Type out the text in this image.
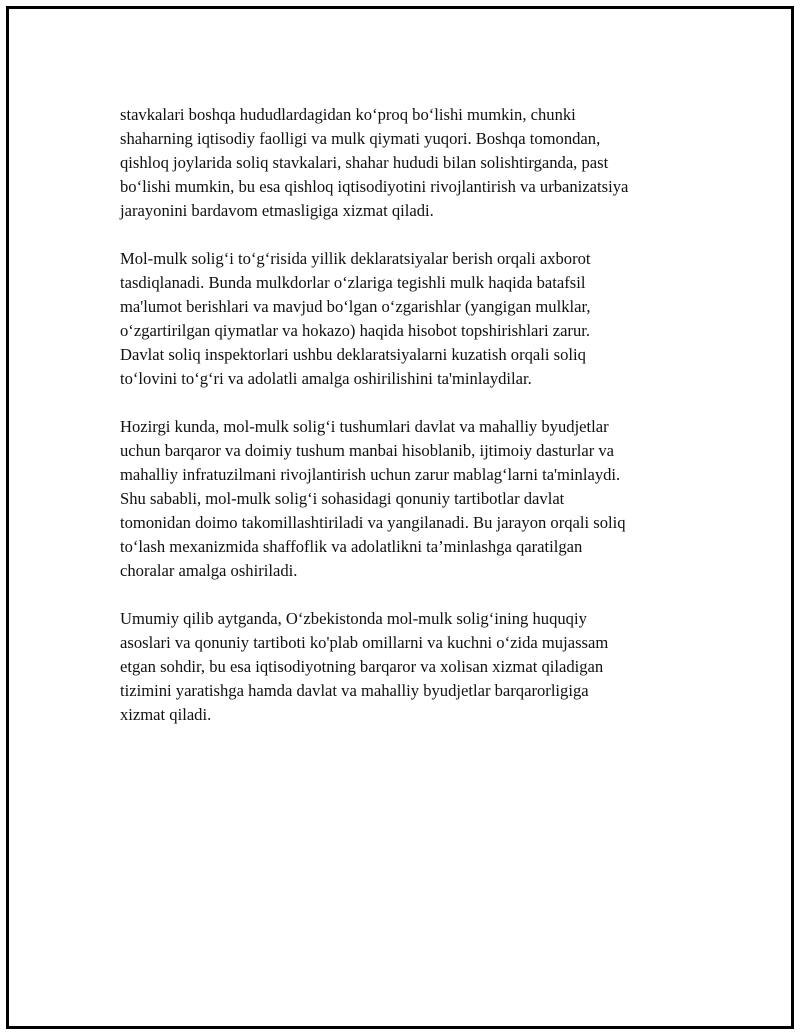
stavkalari boshqa hududlardagidan ko‘proq bo‘lishi mumkin, chunki
shaharning iqtisodiy faolligi va mulk qiymati yuqori. Boshqa tomondan,
qishloq joylarida soliq stavkalari, shahar hududi bilan solishtirganda, past
bo‘lishi mumkin, bu esa qishloq iqtisodiyotini rivojlantirish va urbanizatsiya
jarayonini bardavom etmasligiga xizmat qiladi.

Mol-mulk solig‘i to‘g‘risida yillik deklaratsiyalar berish orqali axborot
tasdiqlanadi. Bunda mulkdorlar o‘zlariga tegishli mulk haqida batafsil
ma'lumot berishlari va mavjud bo‘lgan o‘zgarishlar (yangigan mulklar,
o‘zgartirilgan qiymatlar va hokazo) haqida hisobot topshirishlari zarur.
Davlat soliq inspektorlari ushbu deklaratsiyalarni kuzatish orqali soliq
to‘lovini to‘g‘ri va adolatli amalga oshirilishini ta'minlaydilar.

Hozirgi kunda, mol-mulk solig‘i tushumlari davlat va mahalliy byudjetlar
uchun barqaror va doimiy tushum manbai hisoblanib, ijtimoiy dasturlar va
mahalliy infratuzilmani rivojlantirish uchun zarur mablag‘larni ta'minlaydi.
Shu sababli, mol-mulk solig‘i sohasidagi qonuniy tartibotlar davlat
tomonidan doimo takomillashtiriladi va yangilanadi. Bu jarayon orqali soliq
to‘lash mexanizmida shaffoflik va adolatlikni ta’minlashga qaratilgan
choralar amalga oshiriladi.

Umumiy qilib aytganda, O‘zbekistonda mol-mulk solig‘ining huquqiy
asoslari va qonuniy tartiboti ko'plab omillarni va kuchni o‘zida mujassam
etgan sohdir, bu esa iqtisodiyotning barqaror va xolisan xizmat qiladigan
tizimini yaratishga hamda davlat va mahalliy byudjetlar barqarorligiga
xizmat qiladi.
